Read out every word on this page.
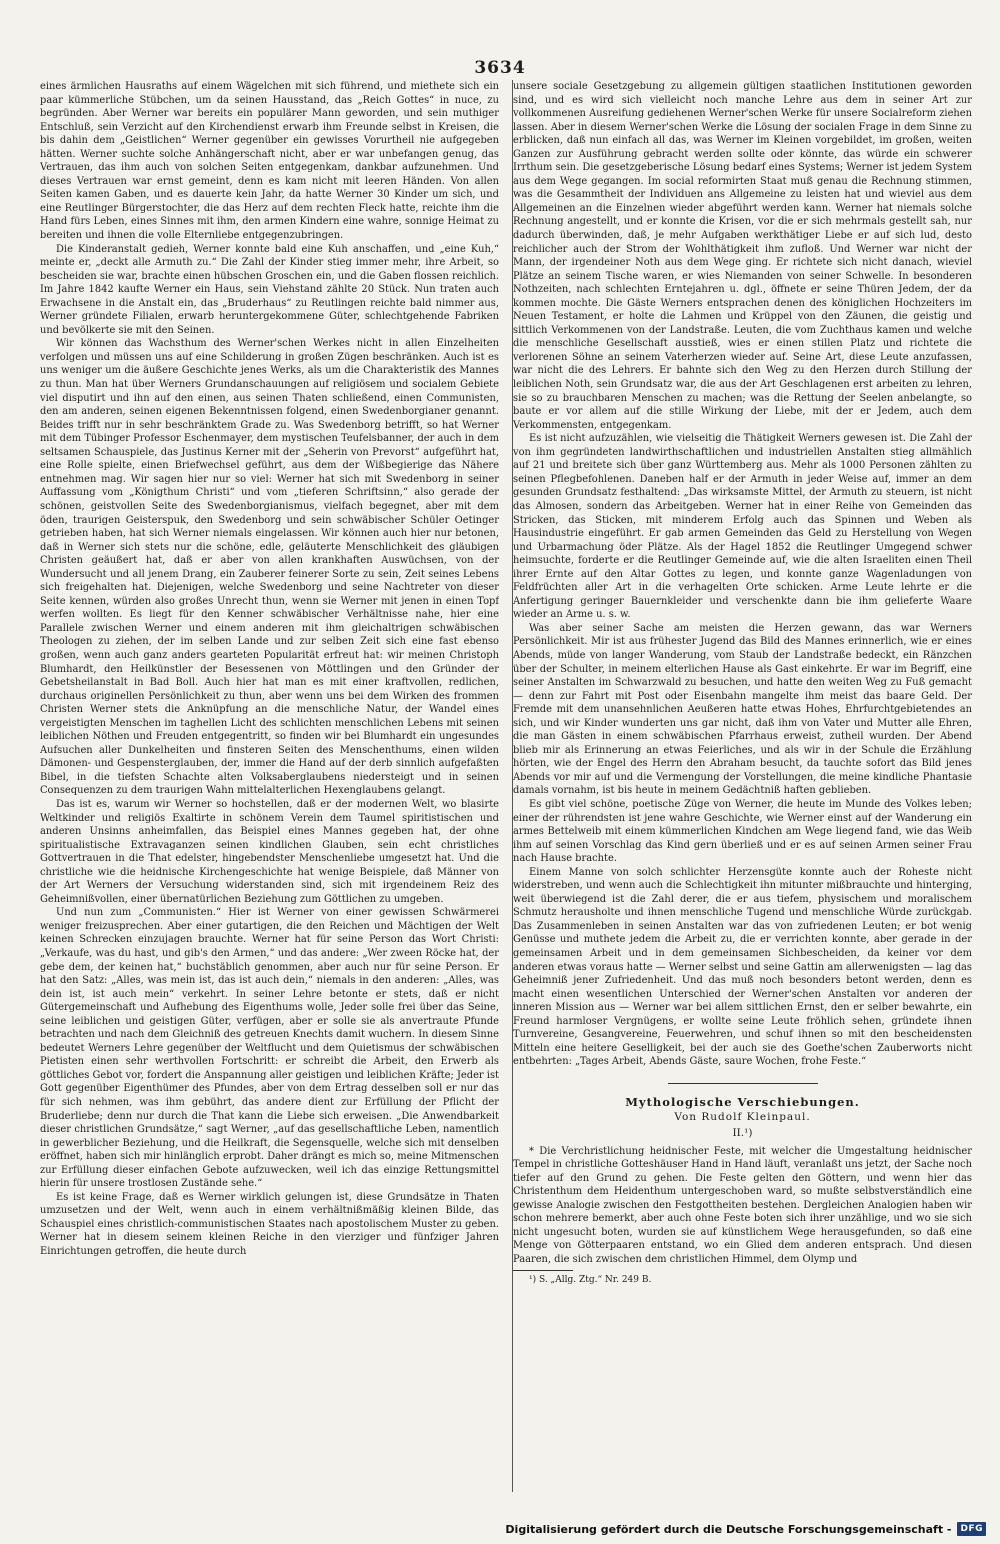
3634

eines ärmlichen Hausraths auf einem Wägelchen mit sich führend, und miethete sich ein paar kümmerliche Stübchen, um da seinen Hausstand, das „Reich Gottes“ in nuce, zu begründen. Aber Werner war bereits ein populärer Mann geworden, und sein muthiger Entschluß, sein Verzicht auf den Kirchendienst erwarb ihm Freunde selbst in Kreisen, die bis dahin dem „Geistlichen“ Werner gegenüber ein gewisses Vorurtheil nie aufgegeben hätten. Werner suchte solche Anhängerschaft nicht, aber er war unbefangen genug, das Vertrauen, das ihm auch von solchen Seiten entgegenkam, dankbar aufzunehmen. Und dieses Vertrauen war ernst gemeint, denn es kam nicht mit leeren Händen. Von allen Seiten kamen Gaben, und es dauerte kein Jahr, da hatte Werner 30 Kinder um sich, und eine Reutlinger Bürgerstochter, die das Herz auf dem rechten Fleck hatte, reichte ihm die Hand fürs Leben, eines Sinnes mit ihm, den armen Kindern eine wahre, sonnige Heimat zu bereiten und ihnen die volle Elternliebe entgegenzubringen.

Die Kinderanstalt gedieh, Werner konnte bald eine Kuh anschaffen, und „eine Kuh,“ meinte er, „deckt alle Armuth zu.“ Die Zahl der Kinder stieg immer mehr, ihre Arbeit, so bescheiden sie war, brachte einen hübschen Groschen ein, und die Gaben flossen reichlich. Im Jahre 1842 kaufte Werner ein Haus, sein Viehstand zählte 20 Stück. Nun traten auch Erwachsene in die Anstalt ein, das „Bruderhaus“ zu Reutlingen reichte bald nimmer aus, Werner gründete Filialen, erwarb heruntergekommene Güter, schlechtgehende Fabriken und bevölkerte sie mit den Seinen.

Wir können das Wachsthum des Werner'schen Werkes nicht in allen Einzelheiten verfolgen und müssen uns auf eine Schilderung in großen Zügen beschränken. Auch ist es uns weniger um die äußere Geschichte jenes Werks, als um die Charakteristik des Mannes zu thun. Man hat über Werners Grundanschauungen auf religiösem und socialem Gebiete viel disputirt und ihn auf den einen, aus seinen Thaten schließend, einen Communisten, den am anderen, seinen eigenen Bekenntnissen folgend, einen Swedenborgianer genannt. Beides trifft nur in sehr beschränktem Grade zu. Was Swedenborg betrifft, so hat Werner mit dem Tübinger Professor Eschenmayer, dem mystischen Teufelsbanner, der auch in dem seltsamen Schauspiele, das Justinus Kerner mit der „Seherin von Prevorst“ aufgeführt hat, eine Rolle spielte, einen Briefwechsel geführt, aus dem der Wißbegierige das Nähere entnehmen mag. Wir sagen hier nur so viel: Werner hat sich mit Swedenborg in seiner Auffassung vom „Königthum Christi“ und vom „tieferen Schriftsinn,“ also gerade der schönen, geistvollen Seite des Swedenborgianismus, vielfach begegnet, aber mit dem öden, traurigen Geisterspuk, den Swedenborg und sein schwäbischer Schüler Oetinger getrieben haben, hat sich Werner niemals eingelassen. Wir können auch hier nur betonen, daß in Werner sich stets nur die schöne, edle, geläuterte Menschlichkeit des gläubigen Christen geäußert hat, daß er aber von allen krankhaften Auswüchsen, von der Wundersucht und all jenem Drang, ein Zauberer feinerer Sorte zu sein, Zeit seines Lebens sich freigehalten hat. Diejenigen, welche Swedenborg und seine Nachtreter von dieser Seite kennen, würden also großes Unrecht thun, wenn sie Werner mit jenen in einen Topf werfen wollten. Es liegt für den Kenner schwäbischer Verhältnisse nahe, hier eine Parallele zwischen Werner und einem anderen mit ihm gleichaltrigen schwäbischen Theologen zu ziehen, der im selben Lande und zur selben Zeit sich eine fast ebenso großen, wenn auch ganz anders gearteten Popularität erfreut hat: wir meinen Christoph Blumhardt, den Heilkünstler der Besessenen von Möttlingen und den Gründer der Gebetsheilanstalt in Bad Boll. Auch hier hat man es mit einer kraftvollen, redlichen, durchaus originellen Persönlichkeit zu thun, aber wenn uns bei dem Wirken des frommen Christen Werner stets die Anknüpfung an die menschliche Natur, der Wandel eines vergeistigten Menschen im taghellen Licht des schlichten menschlichen Lebens mit seinen leiblichen Nöthen und Freuden entgegentritt, so finden wir bei Blumhardt ein ungesundes Aufsuchen aller Dunkelheiten und finsteren Seiten des Menschenthums, einen wilden Dämonen- und Gespensterglauben, der, immer die Hand auf der derb sinnlich aufgefaßten Bibel, in die tiefsten Schachte alten Volksaberglaubens niedersteigt und in seinen Consequenzen zu dem traurigen Wahn mittelalterlichen Hexenglaubens gelangt.

Das ist es, warum wir Werner so hochstellen, daß er der modernen Welt, wo blasirte Weltkinder und religiös Exaltirte in schönem Verein dem Taumel spiritistischen und anderen Unsinns anheimfallen, das Beispiel eines Mannes gegeben hat, der ohne spiritualistische Extravaganzen seinen kindlichen Glauben, sein echt christliches Gottvertrauen in die That edelster, hingebendster Menschenliebe umgesetzt hat. Und die christliche wie die heidnische Kirchengeschichte hat wenige Beispiele, daß Männer von der Art Werners der Versuchung widerstanden sind, sich mit irgendeinem Reiz des Geheimnißvollen, einer übernatürlichen Beziehung zum Göttlichen zu umgeben.

Und nun zum „Communisten.“ Hier ist Werner von einer gewissen Schwärmerei weniger freizusprechen. Aber einer gutartigen, die den Reichen und Mächtigen der Welt keinen Schrecken einzujagen brauchte. Werner hat für seine Person das Wort Christi: „Verkaufe, was du hast, und gib's den Armen,“ und das andere: „Wer zween Röcke hat, der gebe dem, der keinen hat,“ buchstäblich genommen, aber auch nur für seine Person. Er hat den Satz: „Alles, was mein ist, das ist auch dein,“ niemals in den anderen: „Alles, was dein ist, ist auch mein“ verkehrt. In seiner Lehre betonte er stets, daß er nicht Gütergemeinschaft und Aufhebung des Eigenthums wolle, Jeder solle frei über das Seine, seine leiblichen und geistigen Güter, verfügen, aber er solle sie als anvertraute Pfunde betrachten und nach dem Gleichniß des getreuen Knechts damit wuchern. In diesem Sinne bedeutet Werners Lehre gegenüber der Weltflucht und dem Quietismus der schwäbischen Pietisten einen sehr werthvollen Fortschritt: er schreibt die Arbeit, den Erwerb als göttliches Gebot vor, fordert die Anspannung aller geistigen und leiblichen Kräfte; Jeder ist Gott gegenüber Eigenthümer des Pfundes, aber von dem Ertrag desselben soll er nur das für sich nehmen, was ihm gebührt, das andere dient zur Erfüllung der Pflicht der Bruderliebe; denn nur durch die That kann die Liebe sich erweisen. „Die Anwendbarkeit dieser christlichen Grundsätze,“ sagt Werner, „auf das gesellschaftliche Leben, namentlich in gewerblicher Beziehung, und die Heilkraft, die Segensquelle, welche sich mit denselben eröffnet, haben sich mir hinlänglich erprobt. Daher drängt es mich so, meine Mitmenschen zur Erfüllung dieser einfachen Gebote aufzuwecken, weil ich das einzige Rettungsmittel hierin für unsere trostlosen Zustände sehe.“

Es ist keine Frage, daß es Werner wirklich gelungen ist, diese Grundsätze in Thaten umzusetzen und der Welt, wenn auch in einem verhältnißmäßig kleinen Bilde, das Schauspiel eines christlich-communistischen Staates nach apostolischem Muster zu geben. Werner hat in diesem seinem kleinen Reiche in den vierziger und fünfziger Jahren Einrichtungen getroffen, die heute durch

unsere sociale Gesetzgebung zu allgemein gültigen staatlichen Institutionen geworden sind, und es wird sich vielleicht noch manche Lehre aus dem in seiner Art zur vollkommenen Ausreifung gediehenen Werner'schen Werke für unsere Socialreform ziehen lassen. Aber in diesem Werner'schen Werke die Lösung der socialen Frage in dem Sinne zu erblicken, daß nun einfach all das, was Werner im Kleinen vorgebildet, im großen, weiten Ganzen zur Ausführung gebracht werden sollte oder könnte, das würde ein schwerer Irrthum sein. Die gesetzgeberische Lösung bedarf eines Systems; Werner ist jedem System aus dem Wege gegangen. Im social reformirten Staat muß genau die Rechnung stimmen, was die Gesammtheit der Individuen ans Allgemeine zu leisten hat und wieviel aus dem Allgemeinen an die Einzelnen wieder abgeführt werden kann. Werner hat niemals solche Rechnung angestellt, und er konnte die Krisen, vor die er sich mehrmals gestellt sah, nur dadurch überwinden, daß, je mehr Aufgaben werkthätiger Liebe er auf sich lud, desto reichlicher auch der Strom der Wohlthätigkeit ihm zufloß. Und Werner war nicht der Mann, der irgendeiner Noth aus dem Wege ging. Er richtete sich nicht danach, wieviel Plätze an seinem Tische waren, er wies Niemanden von seiner Schwelle. In besonderen Nothzeiten, nach schlechten Erntejahren u. dgl., öffnete er seine Thüren Jedem, der da kommen mochte. Die Gäste Werners entsprachen denen des königlichen Hochzeiters im Neuen Testament, er holte die Lahmen und Krüppel von den Zäunen, die geistig und sittlich Verkommenen von der Landstraße. Leuten, die vom Zuchthaus kamen und welche die menschliche Gesellschaft ausstieß, wies er einen stillen Platz und richtete die verlorenen Söhne an seinem Vaterherzen wieder auf. Seine Art, diese Leute anzufassen, war nicht die des Lehrers. Er bahnte sich den Weg zu den Herzen durch Stillung der leiblichen Noth, sein Grundsatz war, die aus der Art Geschlagenen erst arbeiten zu lehren, sie so zu brauchbaren Menschen zu machen; was die Rettung der Seelen anbelangte, so baute er vor allem auf die stille Wirkung der Liebe, mit der er Jedem, auch dem Verkommensten, entgegenkam.

Es ist nicht aufzuzählen, wie vielseitig die Thätigkeit Werners gewesen ist. Die Zahl der von ihm gegründeten landwirthschaftlichen und industriellen Anstalten stieg allmählich auf 21 und breitete sich über ganz Württemberg aus. Mehr als 1000 Personen zählten zu seinen Pflegbefohlenen. Daneben half er der Armuth in jeder Weise auf, immer an dem gesunden Grundsatz festhaltend: „Das wirksamste Mittel, der Armuth zu steuern, ist nicht das Almosen, sondern das Arbeitgeben. Werner hat in einer Reihe von Gemeinden das Stricken, das Sticken, mit minderem Erfolg auch das Spinnen und Weben als Hausindustrie eingeführt. Er gab armen Gemeinden das Geld zu Herstellung von Wegen und Urbarmachung öder Plätze. Als der Hagel 1852 die Reutlinger Umgegend schwer heimsuchte, forderte er die Reutlinger Gemeinde auf, wie die alten Israeliten einen Theil ihrer Ernte auf den Altar Gottes zu legen, und konnte ganze Wagenladungen von Feldfrüchten aller Art in die verhagelten Orte schicken. Arme Leute lehrte er die Anfertigung geringer Bauernkleider und verschenkte dann bie ihm gelieferte Waare wieder an Arme u. s. w.

Was aber seiner Sache am meisten die Herzen gewann, das war Werners Persönlichkeit. Mir ist aus frühester Jugend das Bild des Mannes erinnerlich, wie er eines Abends, müde von langer Wanderung, vom Staub der Landstraße bedeckt, ein Ränzchen über der Schulter, in meinem elterlichen Hause als Gast einkehrte. Er war im Begriff, eine seiner Anstalten im Schwarzwald zu besuchen, und hatte den weiten Weg zu Fuß gemacht — denn zur Fahrt mit Post oder Eisenbahn mangelte ihm meist das baare Geld. Der Fremde mit dem unansehnlichen Aeußeren hatte etwas Hohes, Ehrfurchtgebietendes an sich, und wir Kinder wunderten uns gar nicht, daß ihm von Vater und Mutter alle Ehren, die man Gästen in einem schwäbischen Pfarrhaus erweist, zutheil wurden. Der Abend blieb mir als Erinnerung an etwas Feierliches, und als wir in der Schule die Erzählung hörten, wie der Engel des Herrn den Abraham besucht, da tauchte sofort das Bild jenes Abends vor mir auf und die Vermengung der Vorstellungen, die meine kindliche Phantasie damals vornahm, ist bis heute in meinem Gedächtniß haften geblieben.

Es gibt viel schöne, poetische Züge von Werner, die heute im Munde des Volkes leben; einer der rührendsten ist jene wahre Geschichte, wie Werner einst auf der Wanderung ein armes Bettelweib mit einem kümmerlichen Kindchen am Wege liegend fand, wie das Weib ihm auf seinen Vorschlag das Kind gern überließ und er es auf seinen Armen seiner Frau nach Hause brachte.

Einem Manne von solch schlichter Herzensgüte konnte auch der Roheste nicht widerstreben, und wenn auch die Schlechtigkeit ihn mitunter mißbrauchte und hinterging, weit überwiegend ist die Zahl derer, die er aus tiefem, physischem und moralischem Schmutz herausholte und ihnen menschliche Tugend und menschliche Würde zurückgab. Das Zusammenleben in seinen Anstalten war das von zufriedenen Leuten; er bot wenig Genüsse und muthete jedem die Arbeit zu, die er verrichten konnte, aber gerade in der gemeinsamen Arbeit und in dem gemeinsamen Sichbescheiden, da keiner vor dem anderen etwas voraus hatte — Werner selbst und seine Gattin am allerwenigsten — lag das Geheimniß jener Zufriedenheit. Und das muß noch besonders betont werden, denn es macht einen wesentlichen Unterschied der Werner'schen Anstalten vor anderen der inneren Mission aus — Werner war bei allem sittlichen Ernst, den er selber bewahrte, ein Freund harmloser Vergnügens, er wollte seine Leute fröhlich sehen, gründete ihnen Turnvereine, Gesangvereine, Feuerwehren, und schuf ihnen so mit den bescheidensten Mitteln eine heitere Geselligkeit, bei der auch sie des Goethe'schen Zauberworts nicht entbehrten: „Tages Arbeit, Abends Gäste, saure Wochen, frohe Feste.“

Mythologische Verschiebungen.
Von Rudolf Kleinpaul.
II.¹)

* Die Verchristlichung heidnischer Feste, mit welcher die Umgestaltung heidnischer Tempel in christliche Gotteshäuser Hand in Hand läuft, veranlaßt uns jetzt, der Sache noch tiefer auf den Grund zu gehen. Die Feste gelten den Göttern, und wenn hier das Christenthum dem Heidenthum untergeschoben ward, so mußte selbstverständlich eine gewisse Analogie zwischen den Festgottheiten bestehen. Dergleichen Analogien haben wir schon mehrere bemerkt, aber auch ohne Feste boten sich ihrer unzählige, und wo sie sich nicht ungesucht boten, wurden sie auf künstlichem Wege herausgefunden, so daß eine Menge von Götterpaaren entstand, wo ein Glied dem anderen entsprach. Und diesen Paaren, die sich zwischen dem christlichen Himmel, dem Olymp und

¹) S. „Allg. Ztg.“ Nr. 249 B.

Digitalisierung gefördert durch die Deutsche Forschungsgemeinschaft -	DFG
